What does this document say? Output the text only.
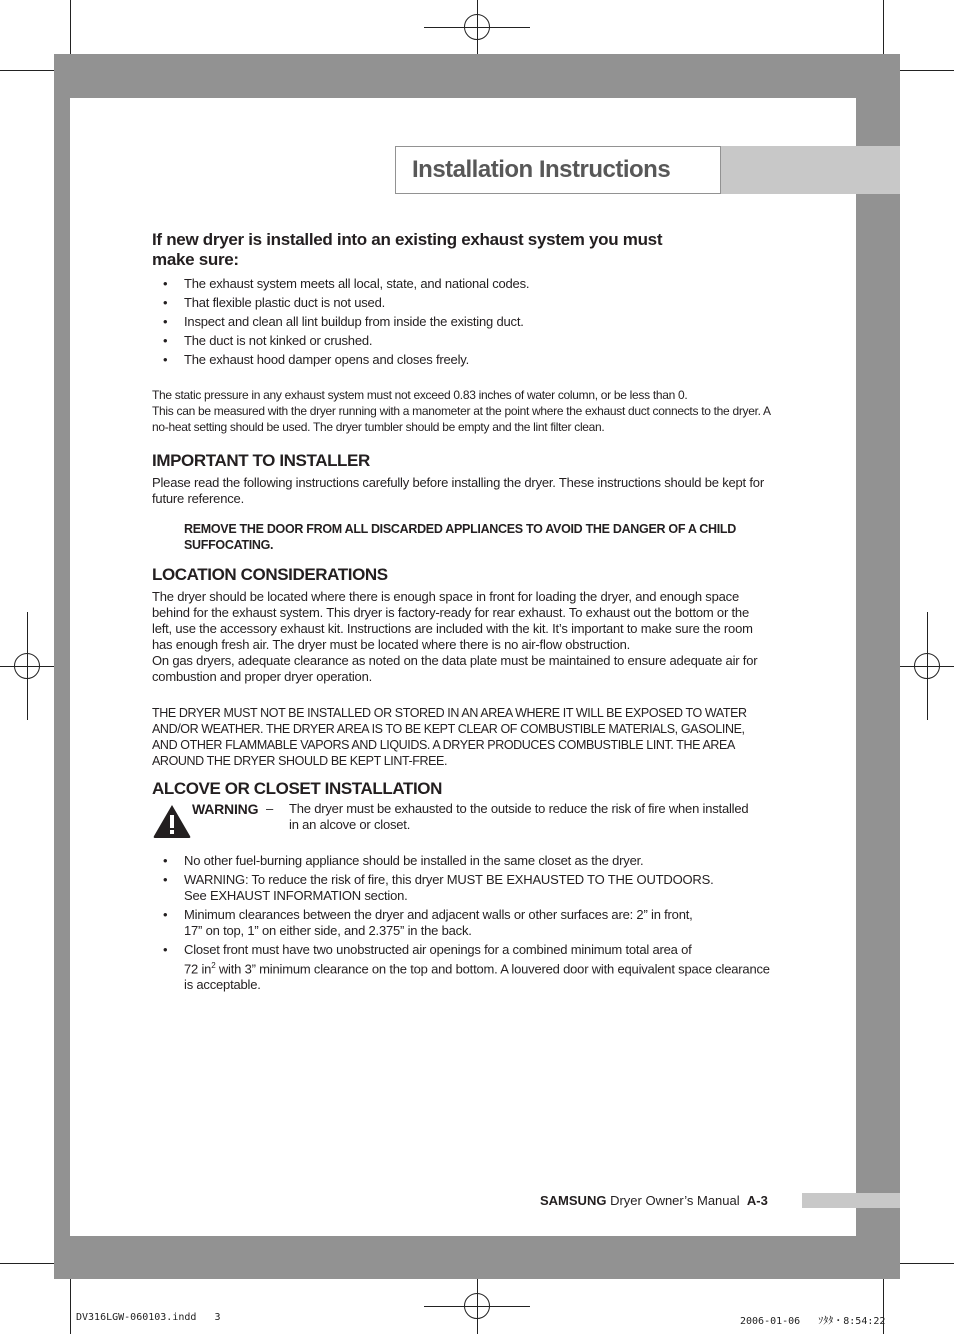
Installation Instructions
If new dryer is installed into an existing exhaust system you must make sure:
• The exhaust system meets all local, state, and national codes.
• That flexible plastic duct is not used.
• Inspect and clean all lint buildup from inside the existing duct.
• The duct is not kinked or crushed.
• The exhaust hood damper opens and closes freely.

The static pressure in any exhaust system must not exceed 0.83 inches of water column, or be less than 0.

This can be measured with the dryer running with a manometer at the point where the exhaust duct connects to the dryer. A no-heat setting should be used. The dryer tumbler should be empty and the lint filter clean.

IMPORTANT TO INSTALLER

Please read the following instructions carefully before installing the dryer. These instructions should be kept for future reference.

REMOVE THE DOOR FROM ALL DISCARDED APPLIANCES TO AVOID THE DANGER OF A CHILD SUFFOCATING.

LOCATION CONSIDERATIONS

The dryer should be located where there is enough space in front for loading the dryer, and enough space behind for the exhaust system. This dryer is factory-ready for rear exhaust. To exhaust out the bottom or the left, use the accessory exhaust kit. Instructions are included with the kit. It’s important to make sure the room has enough fresh air. The dryer must be located where there is no air-flow obstruction.

On gas dryers, adequate clearance as noted on the data plate must be maintained to ensure adequate air for combustion and proper dryer operation.

THE DRYER MUST NOT BE INSTALLED OR STORED IN AN AREA WHERE IT WILL BE EXPOSED TO WATER AND/OR WEATHER. THE DRYER AREA IS TO BE KEPT CLEAR OF COMBUSTIBLE MATERIALS, GASOLINE, AND OTHER FLAMMABLE VAPORS AND LIQUIDS. A DRYER PRODUCES COMBUSTIBLE LINT. THE AREA AROUND THE DRYER SHOULD BE KEPT LINT-FREE.

ALCOVE OR CLOSET INSTALLATION
WARNING – The dryer must be exhausted to the outside to reduce the risk of fire when installed in an alcove or closet.
• No other fuel-burning appliance should be installed in the same closet as the dryer.
• WARNING: To reduce the risk of fire, this dryer MUST BE EXHAUSTED TO THE OUTDOORS.
See EXHAUST INFORMATION section.
• Minimum clearances between the dryer and adjacent walls or other surfaces are: 2” in front,
17” on top, 1” on either side, and 2.375” in the back.
• Closet front must have two unobstructed air openings for a combined minimum total area of
72 $in^2$ with 3” minimum clearance on the top and bottom. A louvered door with equivalent space clearance is acceptable.
SAMSUNG Dryer Owner’s Manual A-3
DV316LGW-060103.indd   3	2006-01-06   ｿﾀﾀ・8:54:22
